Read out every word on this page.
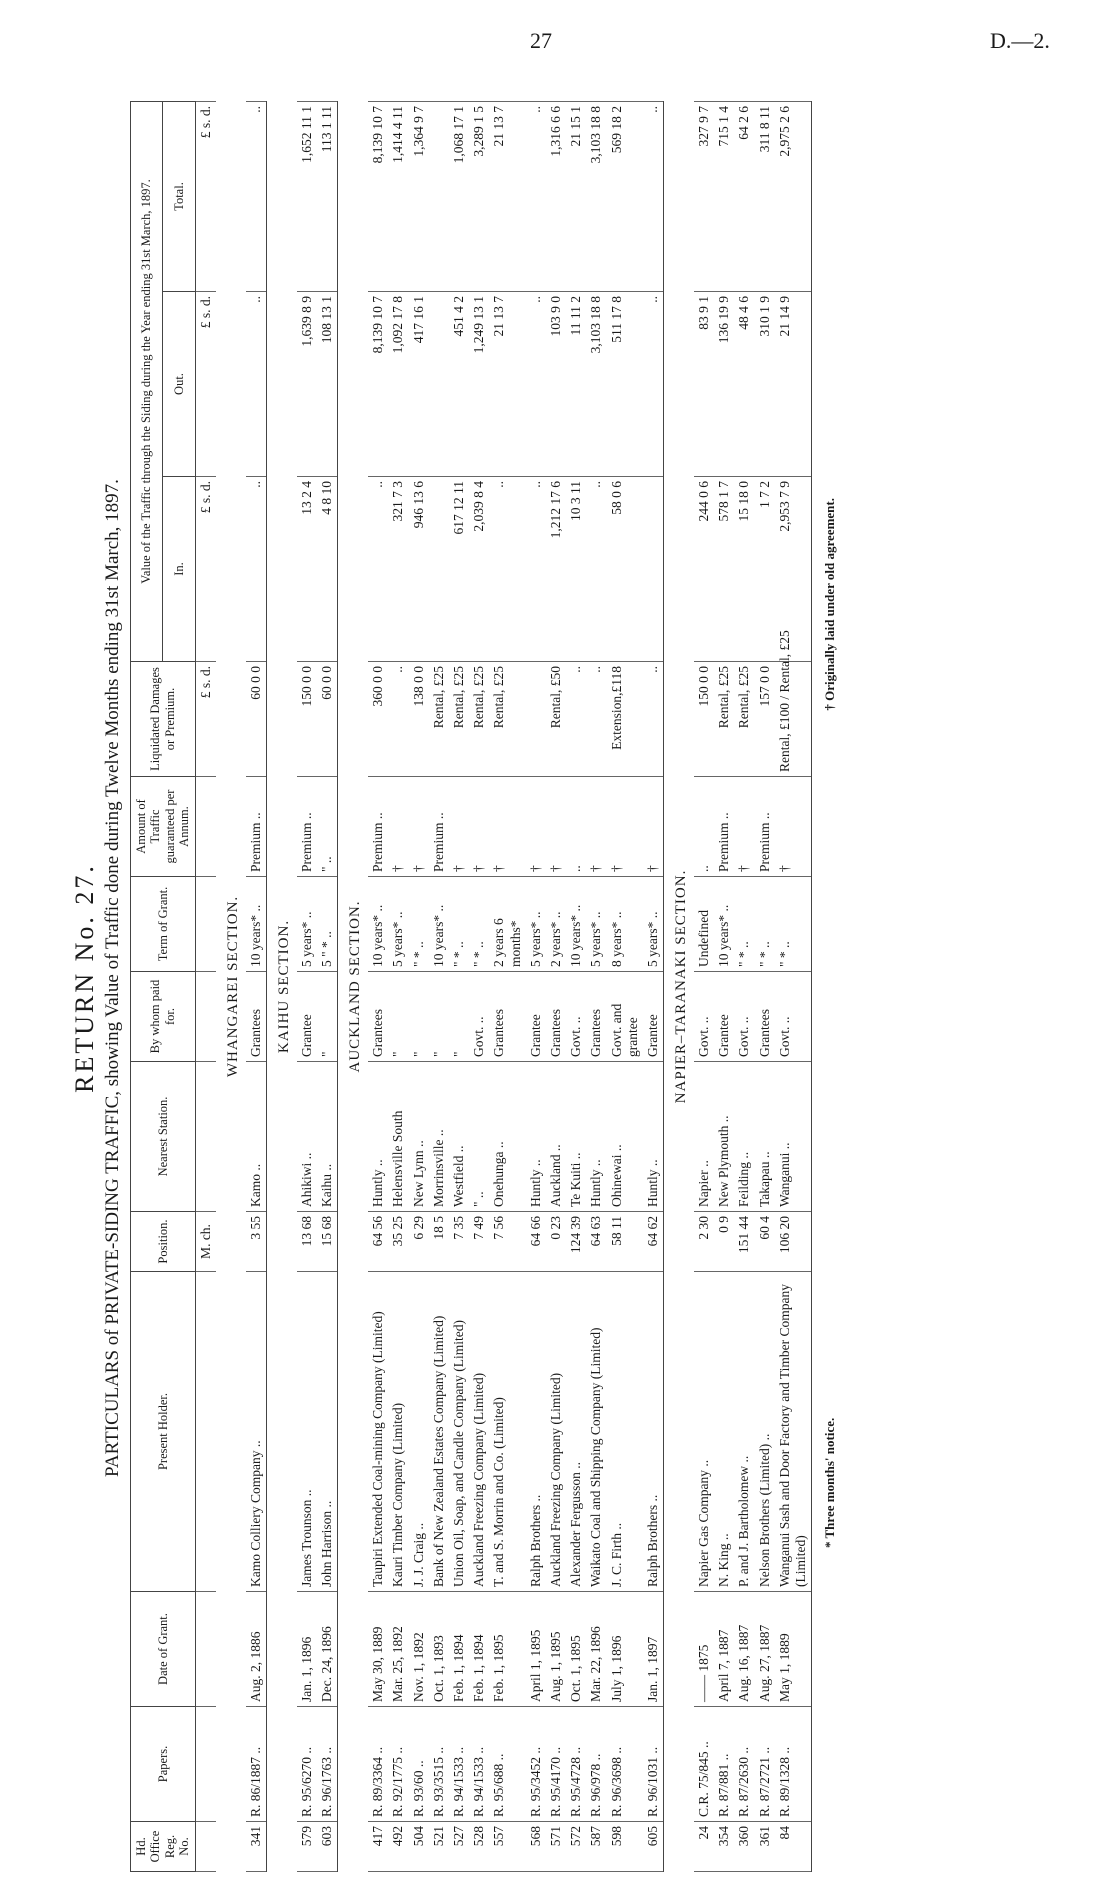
27	D.—2.
RETURN No. 27. PARTICULARS of PRIVATE-SIDING TRAFFIC, showing Value of Traffic done during Twelve Months ending 31st March, 1897.
Hd. Office Reg. No.	Papers.	Date of Grant.	Present Holder.	Position.	Nearest Station.	By whom paid for.	Term of Grant.	Amount of Traffic guaranteed per Annum.	Liquidated Damages or Premium.	Value of the Traffic through the Siding during the Year ending 31st March, 1897.		
										In.	Out.	Total.
				M. ch.					£ s. d.	£ s. d.	£ s. d.	£ s. d.
WHANGAREI SECTION.												
341	R. 86/1887 ..	Aug. 2, 1886	Kamo Colliery Company ..	3 55	Kamo ..	Grantees	10 years* ..	Premium ..	60 0 0	..	..	..
KAIHU SECTION.												
579	R. 95/6270 ..	Jan. 1, 1896	James Trounson ..	13 68	Ahikiwi ..	Grantee	5 years* ..	Premium ..	150 0 0	13 2 4	1,639 8 9	1,652 11 1
603	R. 96/1763 ..	Dec. 24, 1896	John Harrison ..	15 68	Kaihu ..	"	5 " * ..	" ..	60 0 0	4 8 10	108 13 1	113 1 11
AUCKLAND SECTION.												
417	R. 89/3364 ..	May 30, 1889	Taupiri Extended Coal-mining Company (Limited)	64 56	Huntly ..	Grantees	10 years* ..	Premium ..	360 0 0	..	8,139 10 7	8,139 10 7
492	R. 92/1775 ..	Mar. 25, 1892	Kauri Timber Company (Limited)	35 25	Helensville South	"	5 years* ..	†	..	321 7 3	1,092 17 8	1,414 4 11
504	R. 93/60 ..	Nov. 1, 1892	J. J. Craig ..	6 29	New Lynn ..	"	" * ..	†	138 0 0	946 13 6	417 16 1	1,364 9 7
521	R. 93/3515 ..	Oct. 1, 1893	Bank of New Zealand Estates Company (Limited)	18 5	Morrinsville ..	"	10 years* ..	Premium ..	Rental, £25			
527	R. 94/1533 ..	Feb. 1, 1894	Union Oil, Soap, and Candle Company (Limited)	7 35	Westfield ..	"	" * ..	†	Rental, £25	617 12 11	451 4 2	1,068 17 1
528	R. 94/1533 ..	Feb. 1, 1894	Auckland Freezing Company (Limited)	7 49	" ..	Govt. ..	" * ..	†	Rental, £25	2,039 8 4	1,249 13 1	3,289 1 5
557	R. 95/688 ..	Feb. 1, 1895	T. and S. Morrin and Co. (Limited)	7 56	Onehunga ..	Grantees	2 years 6 months*	†	Rental, £25	..	21 13 7	21 13 7
568	R. 95/3452 ..	April 1, 1895	Ralph Brothers ..	64 66	Huntly ..	Grantee	5 years* ..	†		..	..	..
571	R. 95/4170 ..	Aug. 1, 1895	Auckland Freezing Company (Limited)	0 23	Auckland ..	Grantees	2 years* ..	†	Rental, £50	1,212 17 6	103 9 0	1,316 6 6
572	R. 95/4728 ..	Oct. 1, 1895	Alexander Fergusson ..	124 39	Te Kuiti ..	Govt. ..	10 years* ..	..	..	10 3 11	11 11 2	21 15 1
587	R. 96/978 ..	Mar. 22, 1896	Waikato Coal and Shipping Company (Limited)	64 63	Huntly ..	Grantees	5 years* ..	†	..	..	3,103 18 8	3,103 18 8
598	R. 96/3698 ..	July 1, 1896	J. C. Firth ..	58 11	Ohinewai ..	Govt. and grantee	8 years* ..	†	Extension,£118	58 0 6	511 17 8	569 18 2
605	R. 96/1031 ..	Jan. 1, 1897	Ralph Brothers ..	64 62	Huntly ..	Grantee	5 years* ..	†	..		..	..
NAPIER–TARANAKI SECTION.												
24	C.R. 75/845 ..	—— 1875	Napier Gas Company ..	2 30	Napier ..	Govt. ..	Undefined	..	150 0 0	244 0 6	83 9 1	327 9 7
354	R. 87/881 ..	April 7, 1887	N. King ..	0 9	New Plymouth ..	Grantee	10 years* ..	Premium ..	Rental, £25	578 1 7	136 19 9	715 1 4
360	R. 87/2630 ..	Aug. 16, 1887	P. and J. Bartholomew ..	151 44	Feilding ..	Govt. ..	" * ..	†	Rental, £25	15 18 0	48 4 6	64 2 6
361	R. 87/2721 ..	Aug. 27, 1887	Nelson Brothers (Limited) ..	60 4	Takapau ..	Grantees	" * ..	Premium ..	157 0 0	1 7 2	310 1 9	311 8 11
84	R. 89/1328 ..	May 1, 1889	Wanganui Sash and Door Factory and Timber Company (Limited)	106 20	Wanganui ..	Govt. ..	" * ..	†	Rental, £100 / Rental, £25	2,953 7 9	21 14 9	2,975 2 6
* Three months' notice.
† Originally laid under old agreement.
